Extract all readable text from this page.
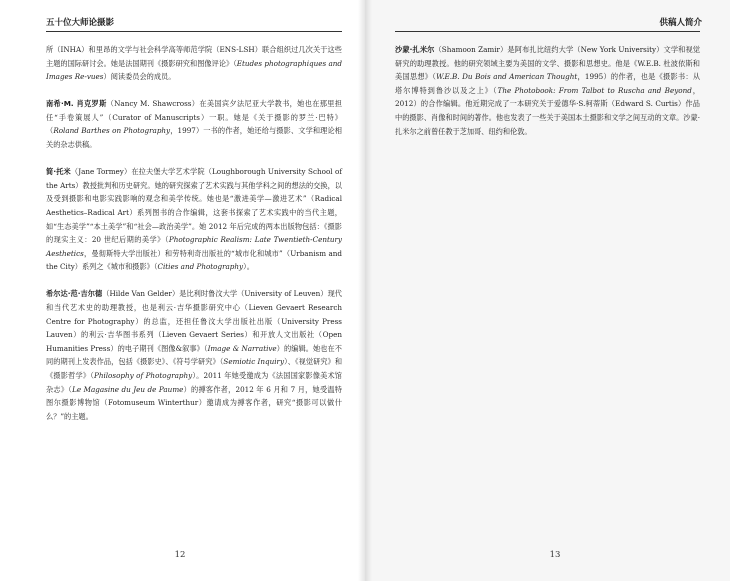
五十位大师论摄影
所（INHA）和里昂的文学与社会科学高等师范学院（ENS-LSH）联合组织过几次关于这些主题的国际研讨会。她是法国期刊《摄影研究和图像评论》（Etudes photographiques and Images Re-vues）阅读委员会的成员。
南希·M. 肖克罗斯（Nancy M. Shawcross）在美国宾夕法尼亚大学教书，她也在那里担任“手卷策展人”（Curator of Manuscripts）一职。她是《关于摄影的罗兰·巴特》（Roland Barthes on Photography，1997）一书的作者，她还给与摄影、文学和理论相关的杂志供稿。
简·托米（Jane Tormey）在拉夫堡大学艺术学院（Loughborough University School of the Arts）教授批判和历史研究。她的研究探索了艺术实践与其他学科之间的想法的交换，以及受到摄影和电影实践影响的观念和美学传统。她也是“激进美学—激进艺术”（Radical Aesthetics–Radical Art）系列图书的合作编辑，这套书探索了艺术实践中的当代主题，如“生态美学”“本土美学”和“社会—政治美学”。她 2012 年后完成的两本出版物包括：《摄影的现实主义：20 世纪后期的美学》（Photographic Realism: Late Twentieth-Century Aesthetics，曼彻斯特大学出版社）和劳特利奇出版社的“城市化和城市”（Urbanism and the City）系列之《城市和摄影》（Cities and Photography）。
希尔达·范·吉尔德（Hilde Van Gelder）是比利时鲁汶大学（University of Leuven）现代和当代艺术史的助理教授，也是利云·吉华摄影研究中心（Lieven Gevaert Research Centre for Photography）的总监，还担任鲁汶大学出版社出版（University Press Lauven）的利云·吉华图书系列（Lieven Gevaert Series）和开放人文出版社（Open Humanities Press）的电子期刊《图像&叙事》（Image & Narrative）的编辑。她也在不同的期刊上发表作品，包括《摄影史》、《符号学研究》（Semiotic Inquiry）、《视觉研究》和《摄影哲学》（Philosophy of Photography）。2011 年她受邀成为《法国国家影像美术馆杂志》（Le Magasine du Jeu de Paume）的搏客作者，2012 年 6 月和 7 月，她受温特图尔摄影博物馆（Fotomuseum Winterthur）邀请成为搏客作者，研究“摄影可以做什么？”的主题。
12
供稿人简介
沙蒙·扎米尔（Shamoon Zamir）是阿布扎比纽约大学（New York University）文学和视觉研究的助理教授。他的研究领域主要为美国的文学、摄影和思想史。他是《W.E.B. 杜波依斯和美国思想》（W.E.B. Du Bois and American Thought，1995）的作者，也是《摄影书：从塔尔博特到鲁沙以及之上》（The Photobook: From Talbot to Ruscha and Beyond，2012）的合作编辑。他近期完成了一本研究关于爱德华·S.柯蒂斯（Edward S. Curtis）作品中的摄影、肖像和时间的著作。他也发表了一些关于美国本土摄影和文学之间互动的文章。沙蒙·扎米尔之前曾任教于芝加哥、纽约和伦敦。
13
